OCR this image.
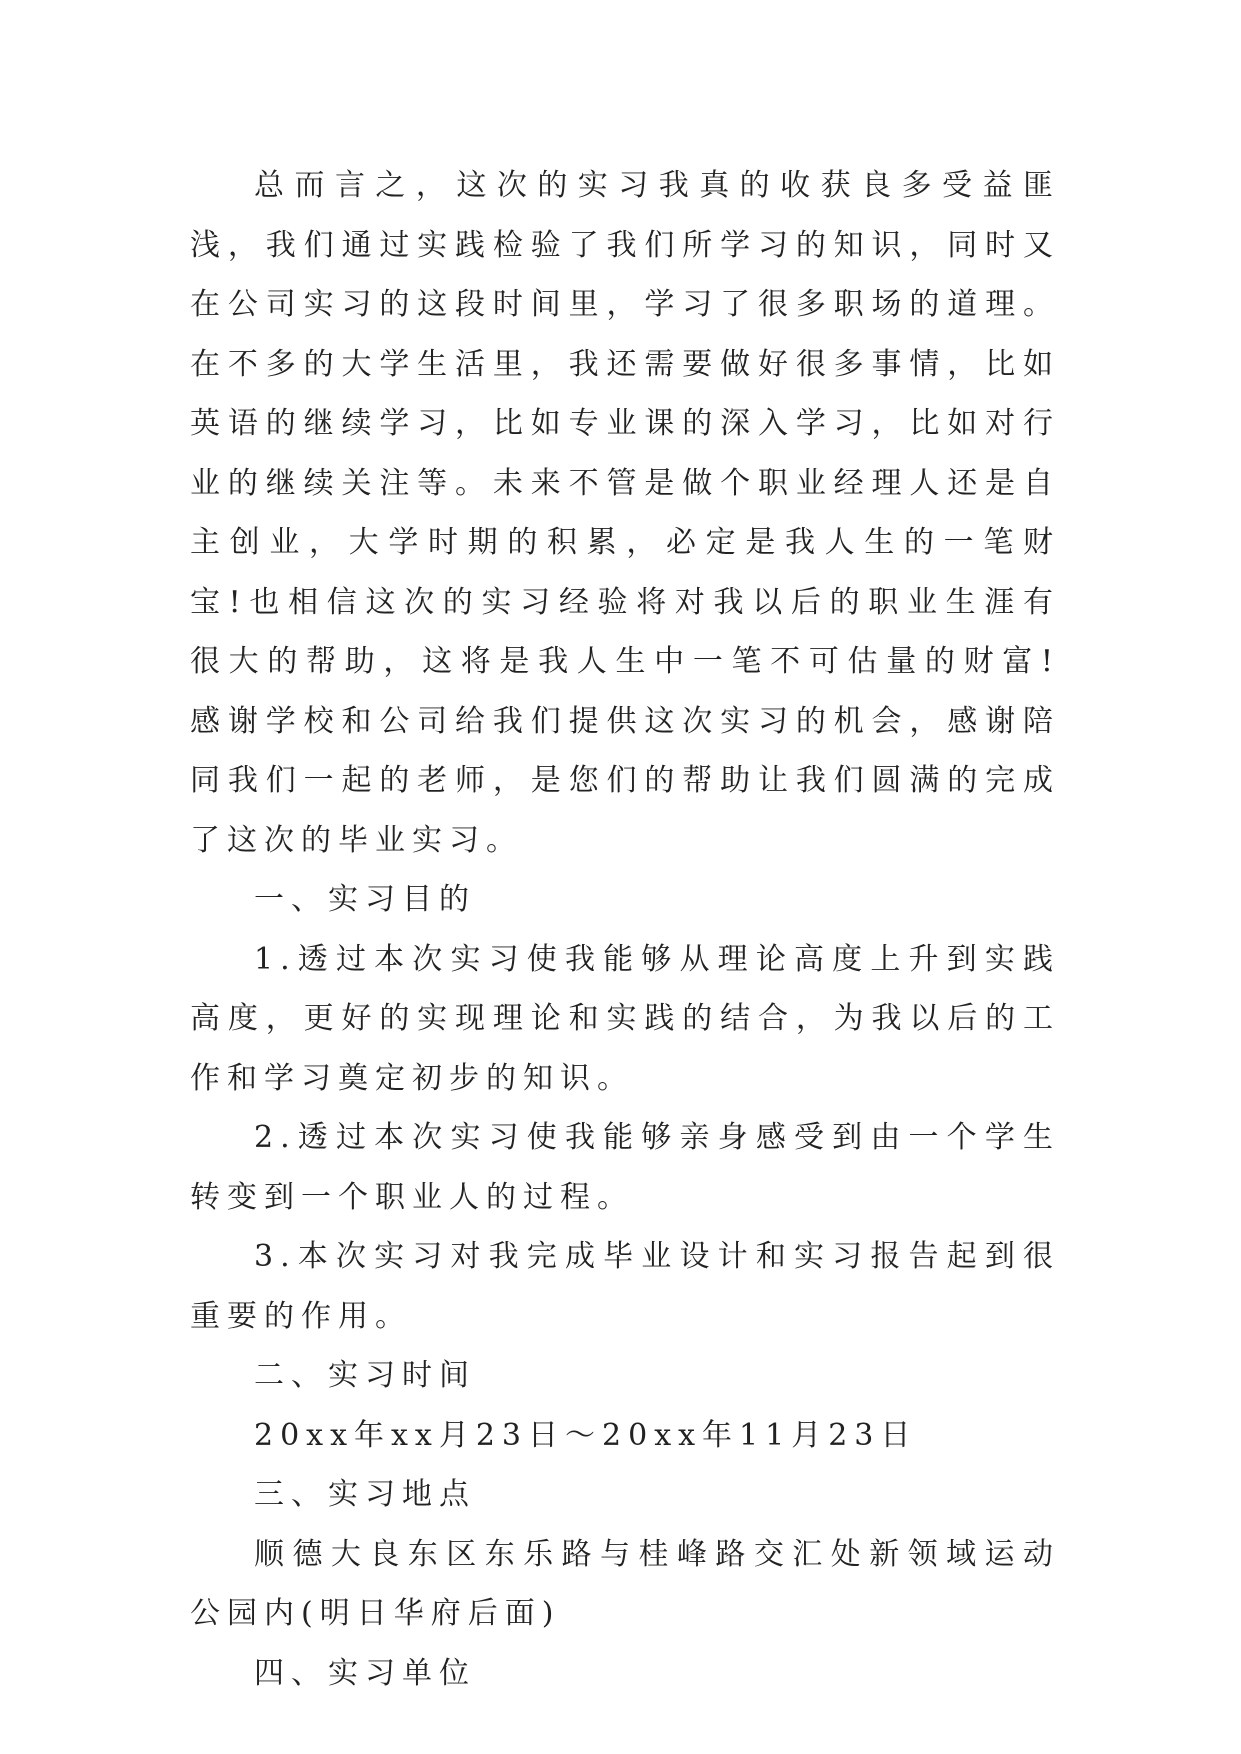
总而言之，这次的实习我真的收获良多受益匪浅，我们通过实践检验了我们所学习的知识，同时又在公司实习的这段时间里，学习了很多职场的道理。在不多的大学生活里，我还需要做好很多事情，比如英语的继续学习，比如专业课的深入学习，比如对行业的继续关注等。未来不管是做个职业经理人还是自主创业，大学时期的积累，必定是我人生的一笔财宝!也相信这次的实习经验将对我以后的职业生涯有很大的帮助，这将是我人生中一笔不可估量的财富!感谢学校和公司给我们提供这次实习的机会，感谢陪同我们一起的老师，是您们的帮助让我们圆满的完成了这次的毕业实习。

一、实习目的

1.透过本次实习使我能够从理论高度上升到实践高度，更好的实现理论和实践的结合，为我以后的工作和学习奠定初步的知识。

2.透过本次实习使我能够亲身感受到由一个学生转变到一个职业人的过程。

3.本次实习对我完成毕业设计和实习报告起到很重要的作用。

二、实习时间

20xx年xx月23日～20xx年11月23日

三、实习地点

顺德大良东区东乐路与桂峰路交汇处新领域运动公园内(明日华府后面)

四、实习单位
